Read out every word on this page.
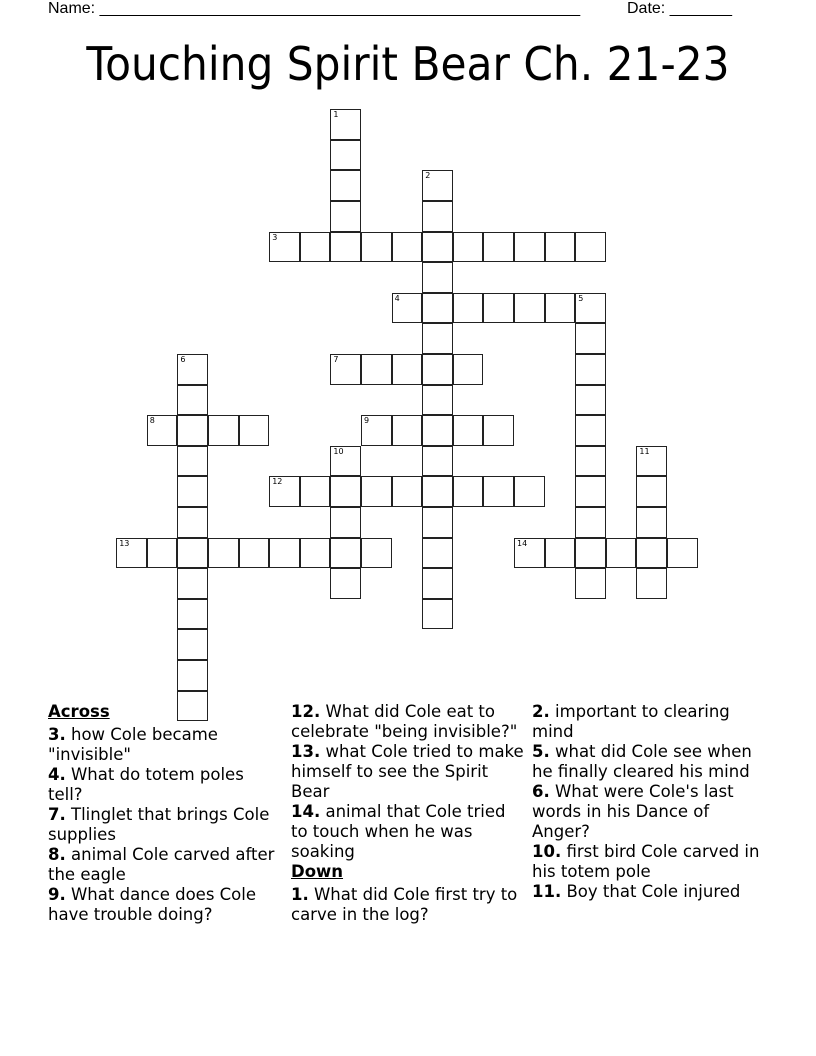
Name: ______________________________________________________	Date: _______
Touching Spirit Bear Ch. 21-23
1
2
3
4	5
6	7
8	9
10	11
12
13	14
Across
3. how Cole became "invisible"
4. What do totem poles tell?
7. Tlinglet that brings Cole supplies
8. animal Cole carved after the eagle
9. What dance does Cole have trouble doing?
12. What did Cole eat to celebrate "being invisible?"
13. what Cole tried to make himself to see the Spirit Bear
14. animal that Cole tried to touch when he was soaking
Down
1. What did Cole first try to carve in the log?
2. important to clearing mind
5. what did Cole see when he finally cleared his mind
6. What were Cole's last words in his Dance of Anger?
10. first bird Cole carved in his totem pole
11. Boy that Cole injured
